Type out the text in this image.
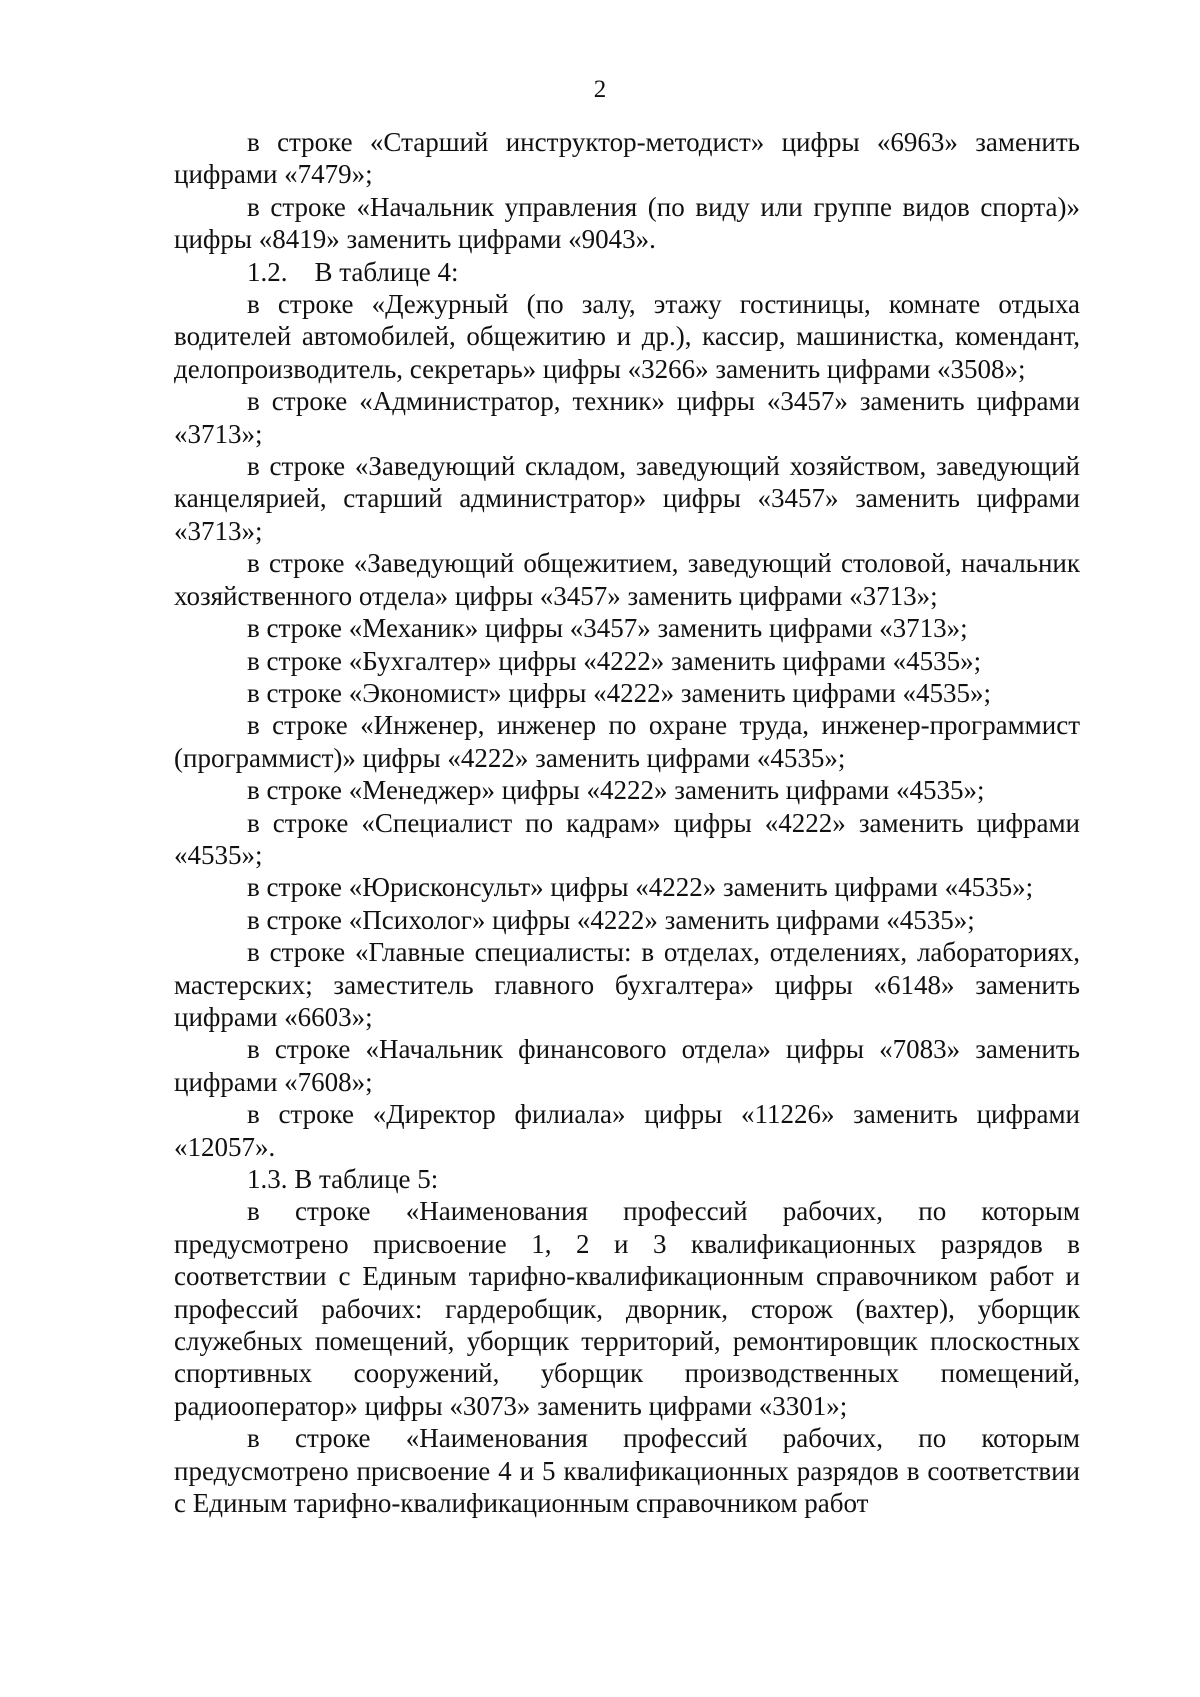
2

в строке «Старший инструктор-методист» цифры «6963» заменить цифрами «7479»;

в строке «Начальник управления (по виду или группе видов спорта)» цифры «8419» заменить цифрами «9043».

1.2.    В таблице 4:

в строке «Дежурный (по залу, этажу гостиницы, комнате отдыха водителей автомобилей, общежитию и др.), кассир, машинистка, комендант, делопроизводитель, секретарь» цифры «3266» заменить цифрами «3508»;

в строке «Администратор, техник» цифры «3457» заменить цифрами «3713»;

в строке «Заведующий складом, заведующий хозяйством, заведующий канцелярией, старший администратор» цифры «3457» заменить цифрами «3713»;

в строке «Заведующий общежитием, заведующий столовой, начальник хозяйственного отдела» цифры «3457» заменить цифрами «3713»;

в строке «Механик» цифры «3457» заменить цифрами «3713»;

в строке «Бухгалтер» цифры «4222» заменить цифрами «4535»;

в строке «Экономист» цифры «4222» заменить цифрами «4535»;

в строке «Инженер, инженер по охране труда, инженер-программист (программист)» цифры «4222» заменить цифрами «4535»;

в строке «Менеджер» цифры «4222» заменить цифрами «4535»;

в строке «Специалист по кадрам» цифры «4222» заменить цифрами «4535»;

в строке «Юрисконсульт» цифры «4222» заменить цифрами «4535»;

в строке «Психолог» цифры «4222» заменить цифрами «4535»;

в строке «Главные специалисты: в отделах, отделениях, лабораториях, мастерских; заместитель главного бухгалтера» цифры «6148» заменить цифрами «6603»;

в строке «Начальник финансового отдела» цифры «7083» заменить цифрами «7608»;

в строке «Директор филиала» цифры «11226» заменить цифрами «12057».

1.3. В таблице 5:

в строке «Наименования профессий рабочих, по которым предусмотрено присвоение 1, 2 и 3 квалификационных разрядов в соответствии с Единым тарифно-квалификационным справочником работ и профессий рабочих: гардеробщик, дворник, сторож (вахтер), уборщик служебных помещений, уборщик территорий, ремонтировщик плоскостных спортивных сооружений, уборщик производственных помещений, радиооператор» цифры «3073» заменить цифрами «3301»;

в строке «Наименования профессий рабочих, по которым предусмотрено присвоение 4 и 5 квалификационных разрядов в соответствии с Единым тарифно-квалификационным справочником работ
